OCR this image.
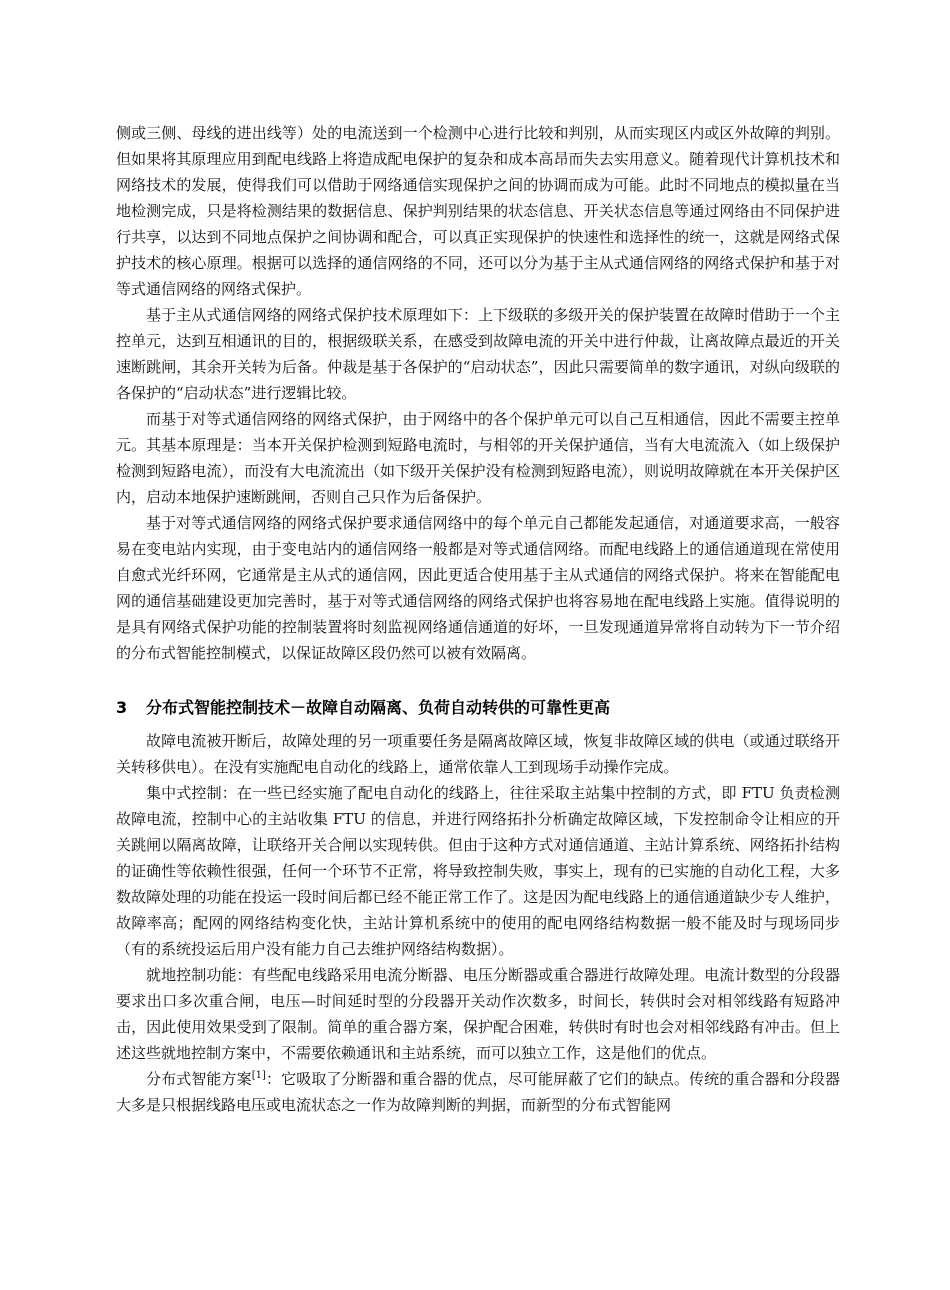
侧或三侧、母线的进出线等）处的电流送到一个检测中心进行比较和判别，从而实现区内或区外故障的判别。但如果将其原理应用到配电线路上将造成配电保护的复杂和成本高昂而失去实用意义。随着现代计算机技术和网络技术的发展，使得我们可以借助于网络通信实现保护之间的协调而成为可能。此时不同地点的模拟量在当地检测完成，只是将检测结果的数据信息、保护判别结果的状态信息、开关状态信息等通过网络由不同保护进行共享，以达到不同地点保护之间协调和配合，可以真正实现保护的快速性和选择性的统一，这就是网络式保护技术的核心原理。根据可以选择的通信网络的不同，还可以分为基于主从式通信网络的网络式保护和基于对等式通信网络的网络式保护。

基于主从式通信网络的网络式保护技术原理如下：上下级联的多级开关的保护装置在故障时借助于一个主控单元，达到互相通讯的目的，根据级联关系，在感受到故障电流的开关中进行仲裁，让离故障点最近的开关速断跳闸，其余开关转为后备。仲裁是基于各保护的“启动状态”，因此只需要简单的数字通讯，对纵向级联的各保护的“启动状态”进行逻辑比较。

而基于对等式通信网络的网络式保护，由于网络中的各个保护单元可以自己互相通信，因此不需要主控单元。其基本原理是：当本开关保护检测到短路电流时，与相邻的开关保护通信，当有大电流流入（如上级保护检测到短路电流），而没有大电流流出（如下级开关保护没有检测到短路电流），则说明故障就在本开关保护区内，启动本地保护速断跳闸，否则自己只作为后备保护。

基于对等式通信网络的网络式保护要求通信网络中的每个单元自己都能发起通信，对通道要求高，一般容易在变电站内实现，由于变电站内的通信网络一般都是对等式通信网络。而配电线路上的通信通道现在常使用自愈式光纤环网，它通常是主从式的通信网，因此更适合使用基于主从式通信的网络式保护。将来在智能配电网的通信基础建设更加完善时，基于对等式通信网络的网络式保护也将容易地在配电线路上实施。值得说明的是具有网络式保护功能的控制装置将时刻监视网络通信通道的好坏，一旦发现通道异常将自动转为下一节介绍的分布式智能控制模式，以保证故障区段仍然可以被有效隔离。

3 分布式智能控制技术－故障自动隔离、负荷自动转供的可靠性更高

故障电流被开断后，故障处理的另一项重要任务是隔离故障区域，恢复非故障区域的供电（或通过联络开关转移供电）。在没有实施配电自动化的线路上，通常依靠人工到现场手动操作完成。

集中式控制：在一些已经实施了配电自动化的线路上，往往采取主站集中控制的方式，即 FTU 负责检测故障电流，控制中心的主站收集 FTU 的信息，并进行网络拓扑分析确定故障区域，下发控制命令让相应的开关跳闸以隔离故障，让联络开关合闸以实现转供。但由于这种方式对通信通道、主站计算系统、网络拓扑结构的证确性等依赖性很强，任何一个环节不正常，将导致控制失败，事实上，现有的已实施的自动化工程，大多数故障处理的功能在投运一段时间后都已经不能正常工作了。这是因为配电线路上的通信通道缺少专人维护，故障率高；配网的网络结构变化快，主站计算机系统中的使用的配电网络结构数据一般不能及时与现场同步（有的系统投运后用户没有能力自己去维护网络结构数据）。

就地控制功能：有些配电线路采用电流分断器、电压分断器或重合器进行故障处理。电流计数型的分段器要求出口多次重合闸，电压—时间延时型的分段器开关动作次数多，时间长，转供时会对相邻线路有短路冲击，因此使用效果受到了限制。简单的重合器方案，保护配合困难，转供时有时也会对相邻线路有冲击。但上述这些就地控制方案中，不需要依赖通讯和主站系统，而可以独立工作，这是他们的优点。

分布式智能方案[1]：它吸取了分断器和重合器的优点，尽可能屏蔽了它们的缺点。传统的重合器和分段器大多是只根据线路电压或电流状态之一作为故障判断的判据，而新型的分布式智能网
